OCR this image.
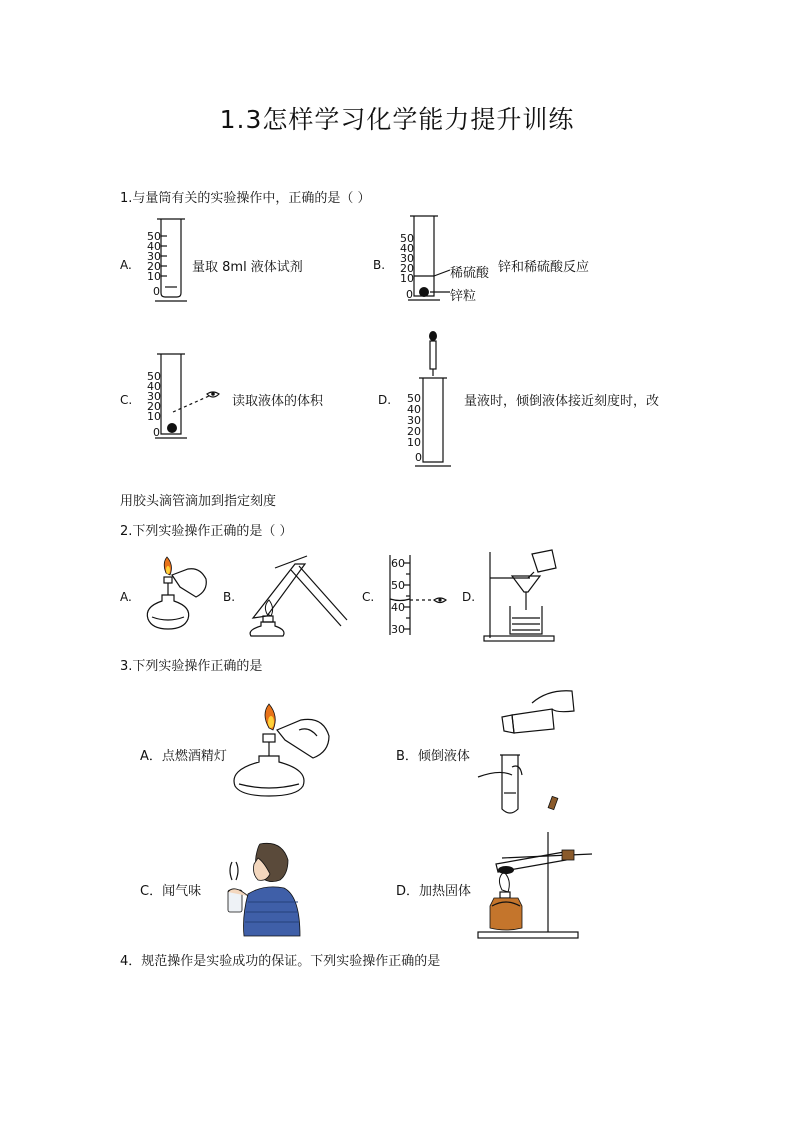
1.3怎样学习化学能力提升训练
1.与量筒有关的实验操作中，正确的是（ ）
A.
50
40
30
20
10
0
量取 8ml 液体试剂	B.
50
40
30
20
10
0
稀硫酸
锌粒
锌和稀硫酸反应
C.
50
40
30
20
10
0
读取液体的体积	D. 50
40
30
20
10
0
量液时，倾倒液体接近刻度时，改
用胶头滴管滴加到指定刻度
2.下列实验操作正确的是（ ）
A.	B.	C.
60
50
40
30
D.
3.下列实验操作正确的是
A．点燃酒精灯	B．倾倒液体
C．闻气味	D．加热固体
4．规范操作是实验成功的保证。下列实验操作正确的是
